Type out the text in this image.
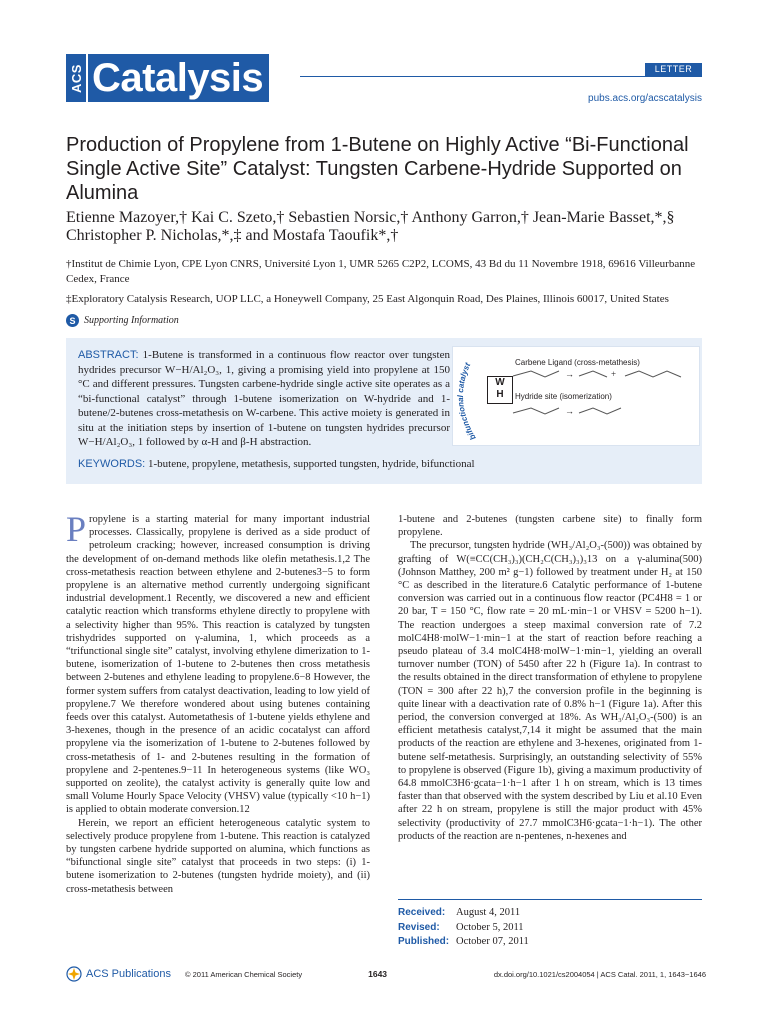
ACS Catalysis	LETTER
pubs.acs.org/acscatalysis
Production of Propylene from 1-Butene on Highly Active “Bi-Functional Single Active Site” Catalyst: Tungsten Carbene-Hydride Supported on Alumina
Etienne Mazoyer,† Kai C. Szeto,† Sebastien Norsic,† Anthony Garron,† Jean-Marie Basset,*,§
Christopher P. Nicholas,*,‡ and Mostafa Taoufik*,†
†Institut de Chimie Lyon, CPE Lyon CNRS, Université Lyon 1, UMR 5265 C2P2, LCOMS, 43 Bd du 11 Novembre 1918, 69616 Villeurbanne Cedex, France
‡Exploratory Catalysis Research, UOP LLC, a Honeywell Company, 25 East Algonquin Road, Des Plaines, Illinois 60017, United States
S Supporting Information
ABSTRACT: 1-Butene is transformed in a continuous flow reactor over tungsten hydrides precursor W−H/Al₂O₃, 1, giving a promising yield into propylene at 150 °C and different pressures. Tungsten carbene-hydride single active site operates as a “bi-functional catalyst” through 1-butene isomerization on W-hydride and 1-butene/2-butenes cross-metathesis on W-carbene. This active moiety is generated in situ at the initiation steps by insertion of 1-butene on tungsten hydrides precursor W−H/Al₂O₃, 1 followed by α-H and β-H abstraction.
Carbene Ligand (cross-metathesis)
→	+
Hydride site (isomerization)
→
bifunctional catalyst
W
H
KEYWORDS: 1-butene, propylene, metathesis, supported tungsten, hydride, bifunctional

Propylene is a starting material for many important industrial processes. Classically, propylene is derived as a side product of petroleum cracking; however, increased consumption is driving the development of on-demand methods like olefin metathesis.1,2 The cross-metathesis reaction between ethylene and 2-butenes3−5 to form propylene is an alternative method currently undergoing significant industrial development.1 Recently, we discovered a new and efficient catalytic reaction which transforms ethylene directly to propylene with a selectivity higher than 95%. This reaction is catalyzed by tungsten trishydrides supported on γ-alumina, 1, which proceeds as a “trifunctional single site” catalyst, involving ethylene dimerization to 1-butene, isomerization of 1-butene to 2-butenes then cross metathesis between 2-butenes and ethylene leading to propylene.6−8 However, the former system suffers from catalyst deactivation, leading to low yield of propylene.7 We therefore wondered about using butenes containing feeds over this catalyst. Autometathesis of 1-butene yields ethylene and 3-hexenes, though in the presence of an acidic cocatalyst can afford propylene via the isomerization of 1-butene to 2-butenes followed by cross-metathesis of 1- and 2-butenes resulting in the formation of propylene and 2-pentenes.9−11 In heterogeneous systems (like WO₃ supported on zeolite), the catalyst activity is generally quite low and small Volume Hourly Space Velocity (VHSV) value (typically <10 h−1) is applied to obtain moderate conversion.12

Herein, we report an efficient heterogeneous catalytic system to selectively produce propylene from 1-butene. This reaction is catalyzed by tungsten carbene hydride supported on alumina, which functions as “bifunctional single site” catalyst that proceeds in two steps: (i) 1-butene isomerization to 2-butenes (tungsten hydride moiety), and (ii) cross-metathesis between

1-butene and 2-butenes (tungsten carbene site) to finally form propylene.

The precursor, tungsten hydride (WH₃/Al₂O₃-(500)) was obtained by grafting of W(≡CC(CH₃)₃)(CH₂C(CH₃)₃)₃13 on a γ-alumina(500) (Johnson Matthey, 200 m² g−1) followed by treatment under H₂ at 150 °C as described in the literature.6 Catalytic performance of 1-butene conversion was carried out in a continuous flow reactor (PC4H8 = 1 or 20 bar, T = 150 °C, flow rate = 20 mL·min−1 or VHSV = 5200 h−1). The reaction undergoes a steep maximal conversion rate of 7.2 molC4H8·molW−1·min−1 at the start of reaction before reaching a pseudo plateau of 3.4 molC4H8·molW−1·min−1, yielding an overall turnover number (TON) of 5450 after 22 h (Figure 1a). In contrast to the results obtained in the direct transformation of ethylene to propylene (TON = 300 after 22 h),7 the conversion profile in the beginning is quite linear with a deactivation rate of 0.8% h−1 (Figure 1a). After this period, the conversion converged at 18%. As WH₃/Al₂O₃-(500) is an efficient metathesis catalyst,7,14 it might be assumed that the main products of the reaction are ethylene and 3-hexenes, originated from 1-butene self-metathesis. Surprisingly, an outstanding selectivity of 55% to propylene is observed (Figure 1b), giving a maximum productivity of 64.8 mmolC3H6·gcata−1·h−1 after 1 h on stream, which is 13 times faster than that observed with the system described by Liu et al.10 Even after 22 h on stream, propylene is still the major product with 45% selectivity (productivity of 27.7 mmolC3H6·gcata−1·h−1). The other products of the reaction are n-pentenes, n-hexenes and

Received: August 4, 2011
Revised: October 5, 2011
Published: October 07, 2011
ACS Publications © 2011 American Chemical Society	1643	dx.doi.org/10.1021/cs2004054 | ACS Catal. 2011, 1, 1643−1646
